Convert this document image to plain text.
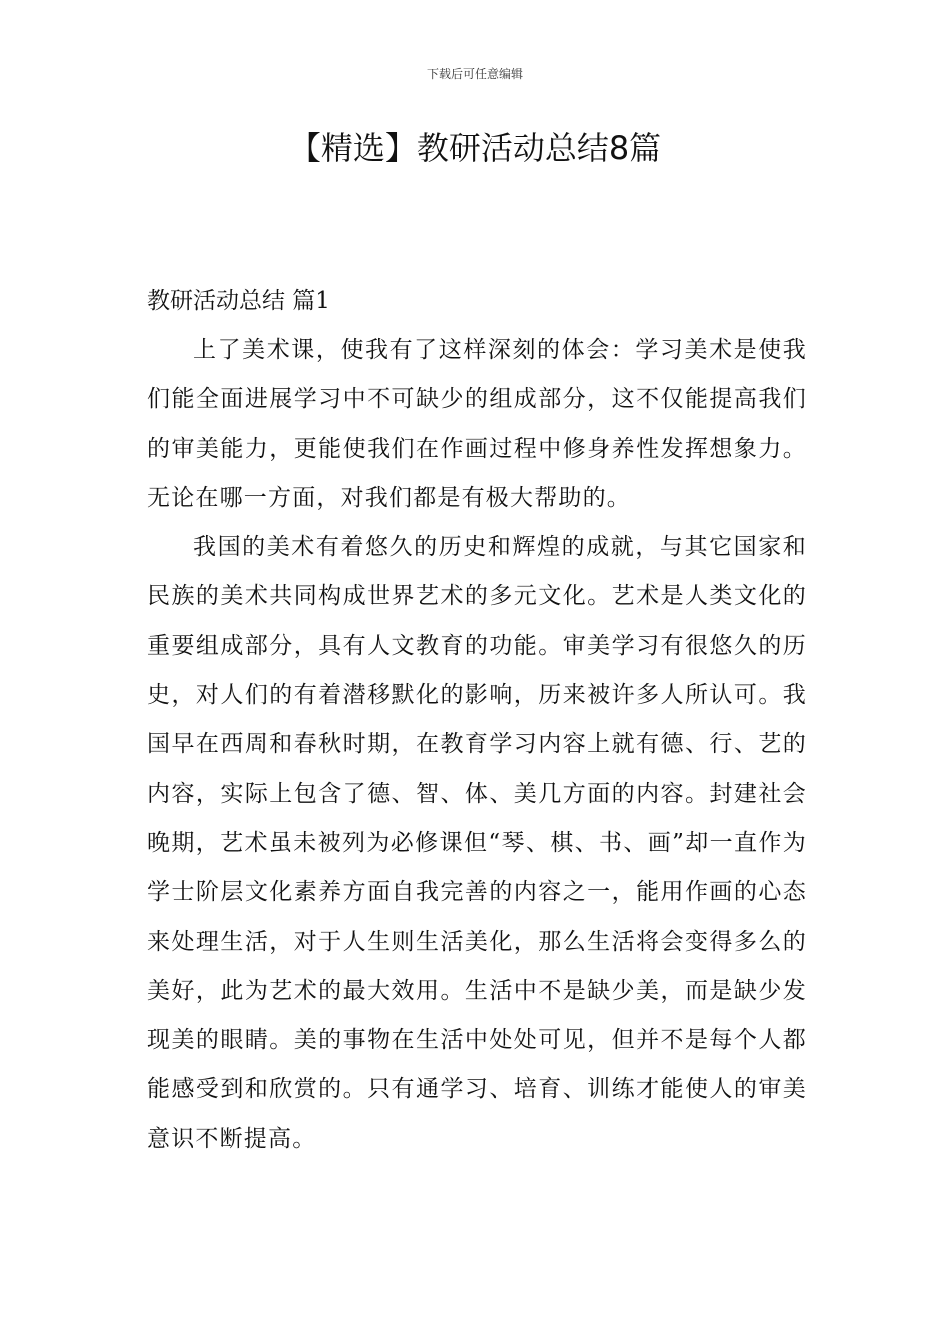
下载后可任意编辑
【精选】教研活动总结8篇
教研活动总结 篇1

上了美术课，使我有了这样深刻的体会：学习美术是使我们能全面进展学习中不可缺少的组成部分，这不仅能提高我们的审美能力，更能使我们在作画过程中修身养性发挥想象力。无论在哪一方面，对我们都是有极大帮助的。

我国的美术有着悠久的历史和辉煌的成就，与其它国家和民族的美术共同构成世界艺术的多元文化。艺术是人类文化的重要组成部分，具有人文教育的功能。审美学习有很悠久的历史，对人们的有着潜移默化的影响，历来被许多人所认可。我国早在西周和春秋时期，在教育学习内容上就有德、行、艺的内容，实际上包含了德、智、体、美几方面的内容。封建社会晚期，艺术虽未被列为必修课但“琴、棋、书、画”却一直作为学士阶层文化素养方面自我完善的内容之一，能用作画的心态来处理生活，对于人生则生活美化，那么生活将会变得多么的美好，此为艺术的最大效用。生活中不是缺少美，而是缺少发现美的眼睛。美的事物在生活中处处可见，但并不是每个人都能感受到和欣赏的。只有通学习、培育、训练才能使人的审美意识不断提高。
